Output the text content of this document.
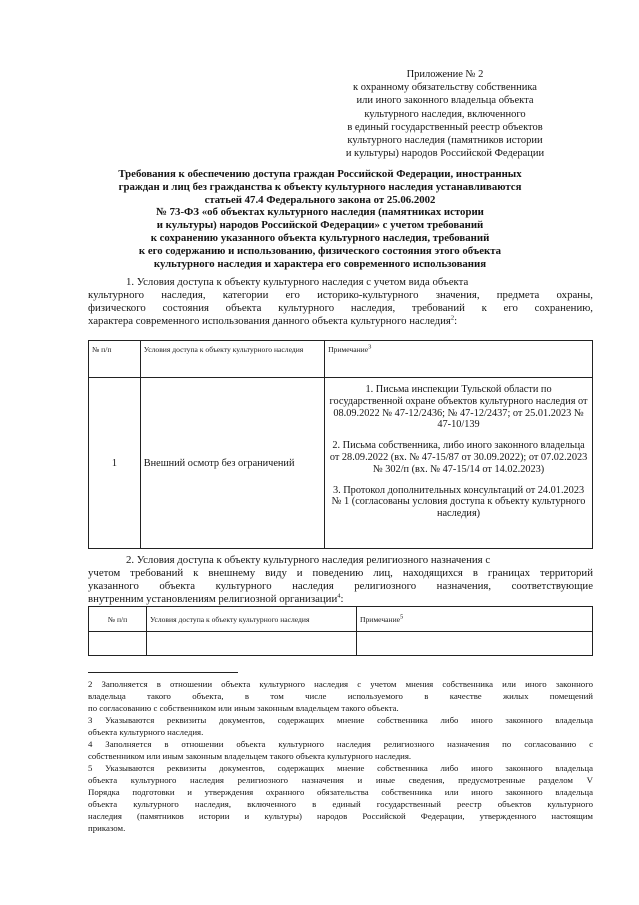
Приложение № 2
к охранному обязательству собственника
или иного законного владельца объекта
культурного наследия, включенного
в единый государственный реестр объектов
культурного наследия (памятников истории
и культуры) народов Российской Федерации
Требования к обеспечению доступа граждан Российской Федерации, иностранных
граждан и лиц без гражданства к объекту культурного наследия устанавливаются
статьей 47.4 Федерального закона от 25.06.2002
№ 73-ФЗ «об объектах культурного наследия (памятниках истории
и культуры) народов Российской Федерации» с учетом требований
к сохранению указанного объекта культурного наследия, требований
к его содержанию и использованию, физического состояния этого объекта
культурного наследия и характера его современного использования
1. Условия доступа к объекту культурного наследия с учетом вида объекта
культурного наследия, категории его историко-культурного значения, предмета охраны,
физического состояния объекта культурного наследия, требований к его сохранению,
характера современного использования данного объекта культурного наследия$^2$:
№ п/п	Условия доступа к объекту культурного наследия	Примечание$^3$
1	Внешний осмотр без ограничений	1. Письма инспекции Тульской области по государственной охране объектов культурного наследия от 08.09.2022 № 47-12/2436; № 47-12/2437; от 25.01.2023 № 47-10/139
2. Письма собственника, либо иного законного владельца от 28.09.2022 (вх. № 47-15/87 от 30.09.2022); от 07.02.2023 № 302/п (вх. № 47-15/14 от 14.02.2023)
3. Протокол дополнительных консультаций от 24.01.2023 № 1 (согласованы условия доступа к объекту культурного наследия)
2. Условия доступа к объекту культурного наследия религиозного назначения с
учетом требований к внешнему виду и поведению лиц, находящихся в границах территорий
указанного объекта культурного наследия религиозного назначения, соответствующие
внутренним установлениям религиозной организации$^4$:
№ п/п	Условия доступа к объекту культурного наследия	Примечание$^5$

2 Заполняется в отношении объекта культурного наследия с учетом мнения собственника или иного законного
владельца такого объекта, в том числе используемого в качестве жилых помещений
по согласованию с собственником или иным законным владельцем такого объекта.
3 Указываются реквизиты документов, содержащих мнение собственника либо иного законного владельца
объекта культурного наследия.
4 Заполняется в отношении объекта культурного наследия религиозного назначения по согласованию с
собственником или иным законным владельцем такого объекта культурного наследия.
5 Указываются реквизиты документов, содержащих мнение собственника либо иного законного владельца
объекта культурного наследия религиозного назначения и иные сведения, предусмотренные разделом V
Порядка подготовки и утверждения охранного обязательства собственника или иного законного владельца
объекта культурного наследия, включенного в единый государственный реестр объектов культурного
наследия (памятников истории и культуры) народов Российской Федерации, утвержденного настоящим
приказом.
